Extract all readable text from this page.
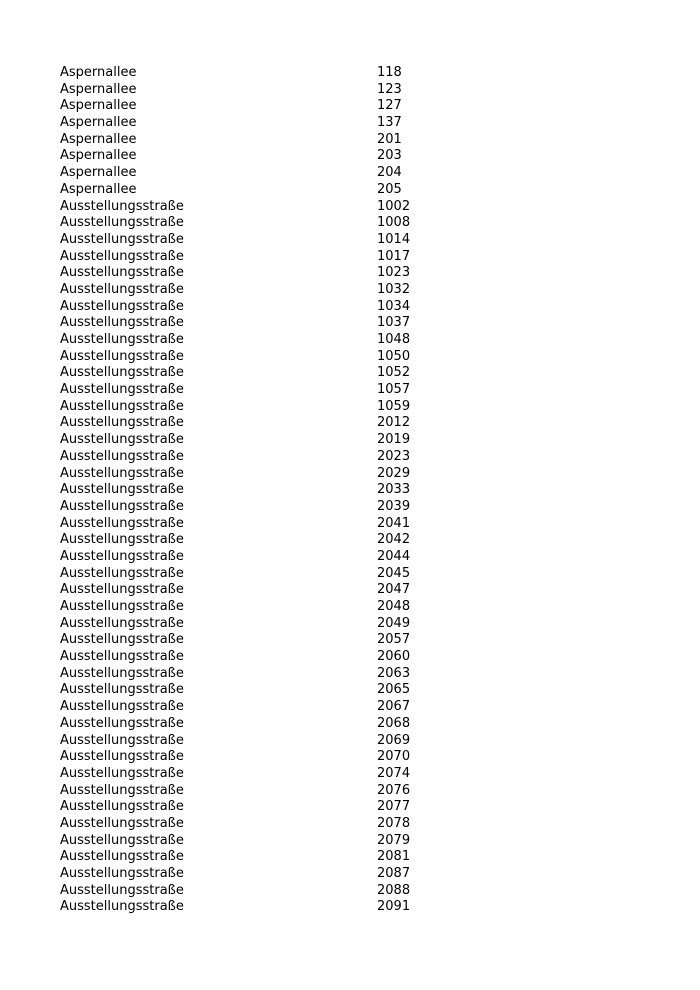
Aspernallee	118
Aspernallee	123
Aspernallee	127
Aspernallee	137
Aspernallee	201
Aspernallee	203
Aspernallee	204
Aspernallee	205
Ausstellungsstraße	1002
Ausstellungsstraße	1008
Ausstellungsstraße	1014
Ausstellungsstraße	1017
Ausstellungsstraße	1023
Ausstellungsstraße	1032
Ausstellungsstraße	1034
Ausstellungsstraße	1037
Ausstellungsstraße	1048
Ausstellungsstraße	1050
Ausstellungsstraße	1052
Ausstellungsstraße	1057
Ausstellungsstraße	1059
Ausstellungsstraße	2012
Ausstellungsstraße	2019
Ausstellungsstraße	2023
Ausstellungsstraße	2029
Ausstellungsstraße	2033
Ausstellungsstraße	2039
Ausstellungsstraße	2041
Ausstellungsstraße	2042
Ausstellungsstraße	2044
Ausstellungsstraße	2045
Ausstellungsstraße	2047
Ausstellungsstraße	2048
Ausstellungsstraße	2049
Ausstellungsstraße	2057
Ausstellungsstraße	2060
Ausstellungsstraße	2063
Ausstellungsstraße	2065
Ausstellungsstraße	2067
Ausstellungsstraße	2068
Ausstellungsstraße	2069
Ausstellungsstraße	2070
Ausstellungsstraße	2074
Ausstellungsstraße	2076
Ausstellungsstraße	2077
Ausstellungsstraße	2078
Ausstellungsstraße	2079
Ausstellungsstraße	2081
Ausstellungsstraße	2087
Ausstellungsstraße	2088
Ausstellungsstraße	2091
